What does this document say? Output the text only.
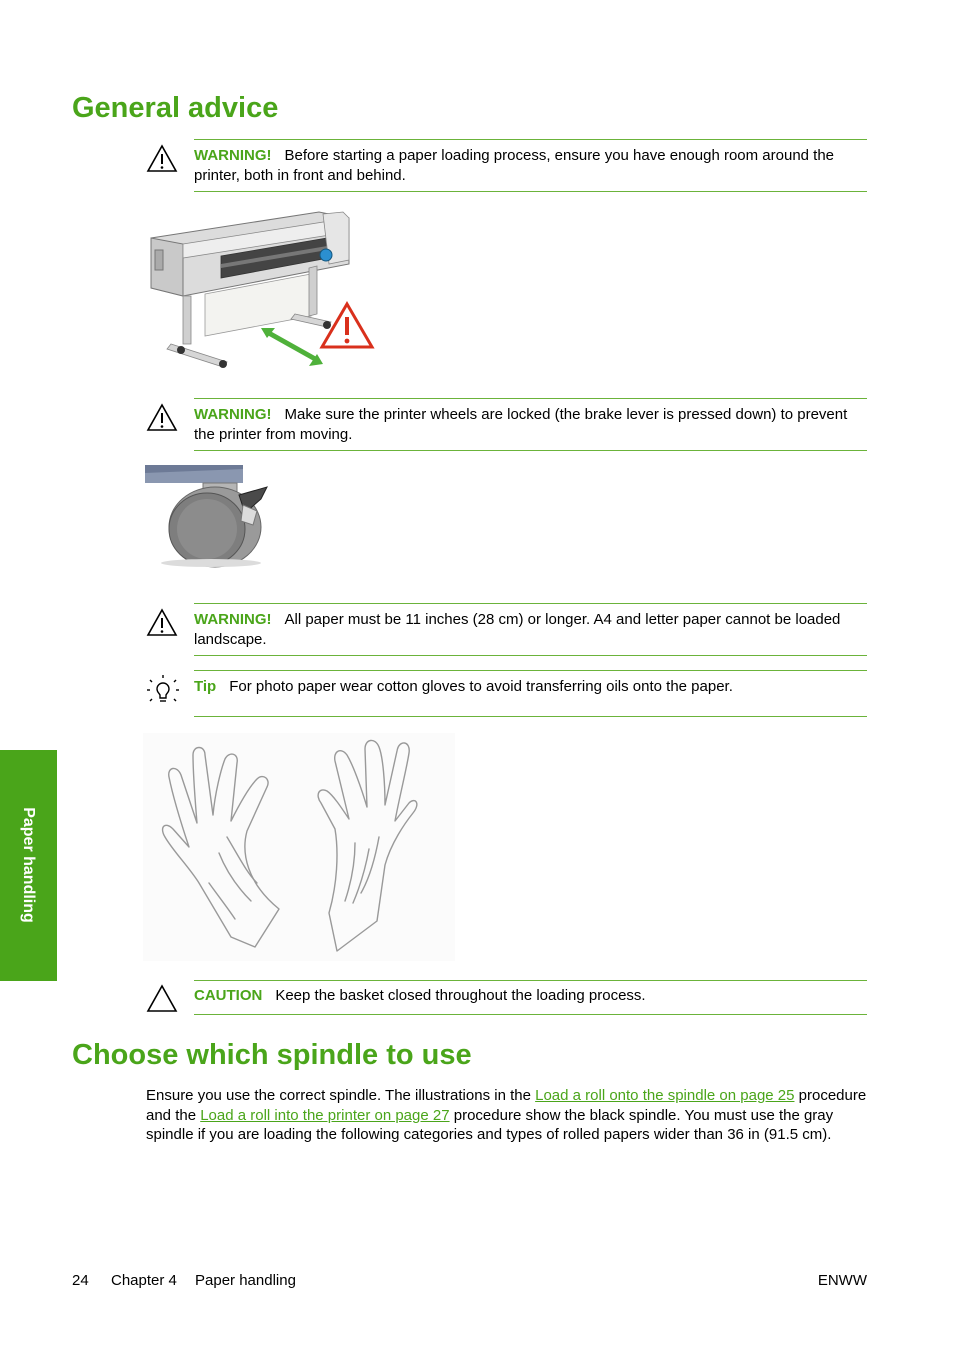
General advice
WARNING! Before starting a paper loading process, ensure you have enough room around the printer, both in front and behind.
WARNING! Make sure the printer wheels are locked (the brake lever is pressed down) to prevent the printer from moving.
WARNING! All paper must be 11 inches (28 cm) or longer. A4 and letter paper cannot be loaded landscape.
Tip For photo paper wear cotton gloves to avoid transferring oils onto the paper.
CAUTION Keep the basket closed throughout the loading process.
Choose which spindle to use

Ensure you use the correct spindle. The illustrations in the Load a roll onto the spindle on page 25 procedure and the Load a roll into the printer on page 27 procedure show the black spindle. You must use the gray spindle if you are loading the following categories and types of rolled papers wider than 36 in (91.5 cm).

Paper handling
24 Chapter 4 Paper handling	ENWW
